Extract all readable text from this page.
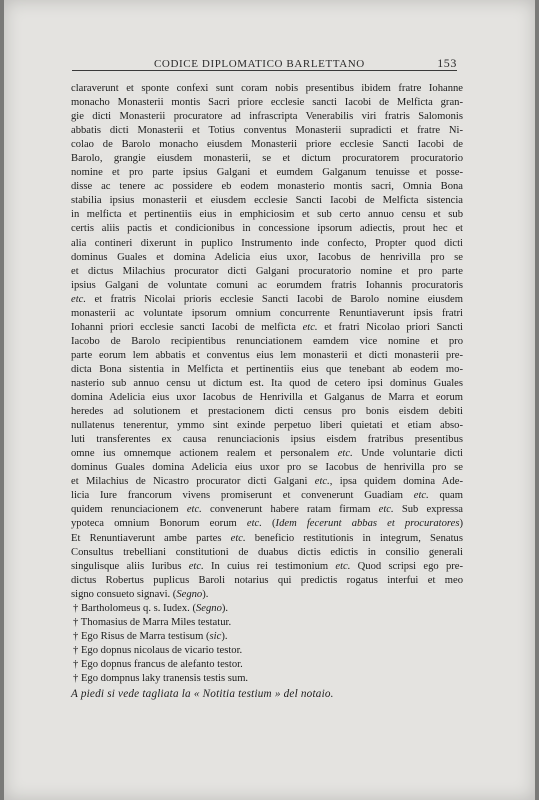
CODICE DIPLOMATICO BARLETTANO	153
claraverunt et sponte confexi sunt coram nobis presentibus ibidem fratre Iohanne
monacho Monasterii montis Sacri priore ecclesie sancti Iacobi de Melficta gran-
gie dicti Monasterii procuratore ad infrascripta Venerabilis viri fratris Salomonis
abbatis dicti Monasterii et Totius conventus Monasterii supradicti et fratre Ni-
colao de Barolo monacho eiusdem Monasterii priore ecclesie Sancti Iacobi de
Barolo, grangie eiusdem monasterii, se et dictum procuratorem procuratorio
nomine et pro parte ipsius Galgani et eumdem Galganum tenuisse et posse-
disse ac tenere ac possidere eb eodem monasterio montis sacri, Omnia Bona
stabilia ipsius monasterii et eiusdem ecclesie Sancti Iacobi de Melficta sistencia
in melficta et pertinentiis eius in emphiciosim et sub certo annuo censu et sub
certis aliis pactis et condicionibus in concessione ipsorum adiectis, prout hec et
alia contineri dixerunt in puplico Instrumento inde confecto, Propter quod dicti
dominus Guales et domina Adelicia eius uxor, Iacobus de henrivilla pro se
et dictus Milachius procurator dicti Galgani procuratorio nomine et pro parte
ipsius Galgani de voluntate comuni ac eorumdem fratris Iohannis procuratoris
etc. et fratris Nicolai prioris ecclesie Sancti Iacobi de Barolo nomine eiusdem
monasterii ac voluntate ipsorum omnium concurrente Renuntiaverunt ipsis fratri
Iohanni priori ecclesie sancti Iacobi de melficta etc. et fratri Nicolao priori Sancti
Iacobo de Barolo recipientibus renunciationem eamdem vice nomine et pro
parte eorum lem abbatis et conventus eius lem monasterii et dicti monasterii pre-
dicta Bona sistentia in Melficta et pertinentiis eius que tenebant ab eodem mo-
nasterio sub annuo censu ut dictum est. Ita quod de cetero ipsi dominus Guales
domina Adelicia eius uxor Iacobus de Henrivilla et Galganus de Marra et eorum
heredes ad solutionem et prestacionem dicti census pro bonis eisdem debiti
nullatenus tenerentur, ymmo sint exinde perpetuo liberi quietati et etiam abso-
luti transferentes ex causa renunciacionis ipsius eisdem fratribus presentibus
omne ius omnemque actionem realem et personalem etc. Unde voluntarie dicti
dominus Guales domina Adelicia eius uxor pro se Iacobus de henrivilla pro se
et Milachius de Nicastro procurator dicti Galgani etc., ipsa quidem domina Ade-
licia Iure francorum vivens promiserunt et convenerunt Guadiam etc. quam
quidem renunciacionem etc. convenerunt habere ratam firmam etc. Sub expressa
ypoteca omnium Bonorum eorum etc. (Idem fecerunt abbas et procuratores)
Et Renuntiaverunt ambe partes etc. beneficio restitutionis in integrum, Senatus
Consultus trebelliani constitutioni de duabus dictis edictis in consilio generali
singulisque aliis Iuribus etc. In cuius rei testimonium etc. Quod scripsi ego pre-
dictus Robertus puplicus Baroli notarius qui predictis rogatus interfui et meo
signo consueto signavi. (Segno).
† Bartholomeus q. s. Iudex. (Segno).
† Thomasius de Marra Miles testatur.
† Ego Risus de Marra testisum (sic).
† Ego dopnus nicolaus de vicario testor.
† Ego dopnus francus de alefanto testor.
† Ego dompnus laky tranensis testis sum.
A piedi si vede tagliata la « Notitia testium » del notaio.
